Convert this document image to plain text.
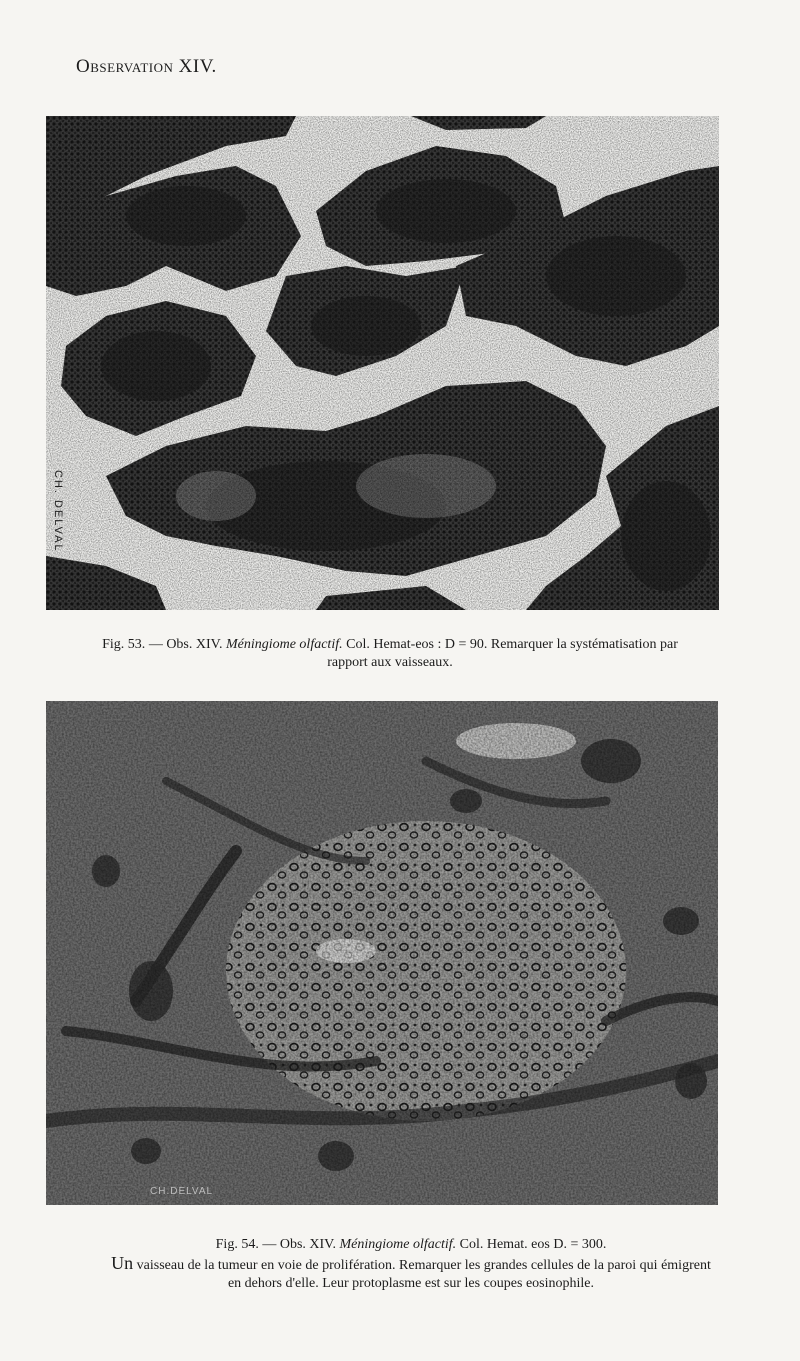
Observation XIV.
CH. DELVAL
Fig. 53. — Obs. XIV. Méningiome olfactif. Col. Hemat-eos : D = 90. Remarquer la systématisation par
rapport aux vaisseaux.
CH.DELVAL
Fig. 54. — Obs. XIV. Méningiome olfactif. Col. Hemat. eos D. = 300.
Un vaisseau de la tumeur en voie de prolifération. Remarquer les grandes cellules de la paroi qui émigrent
en dehors d'elle. Leur protoplasme est sur les coupes eosinophile.
